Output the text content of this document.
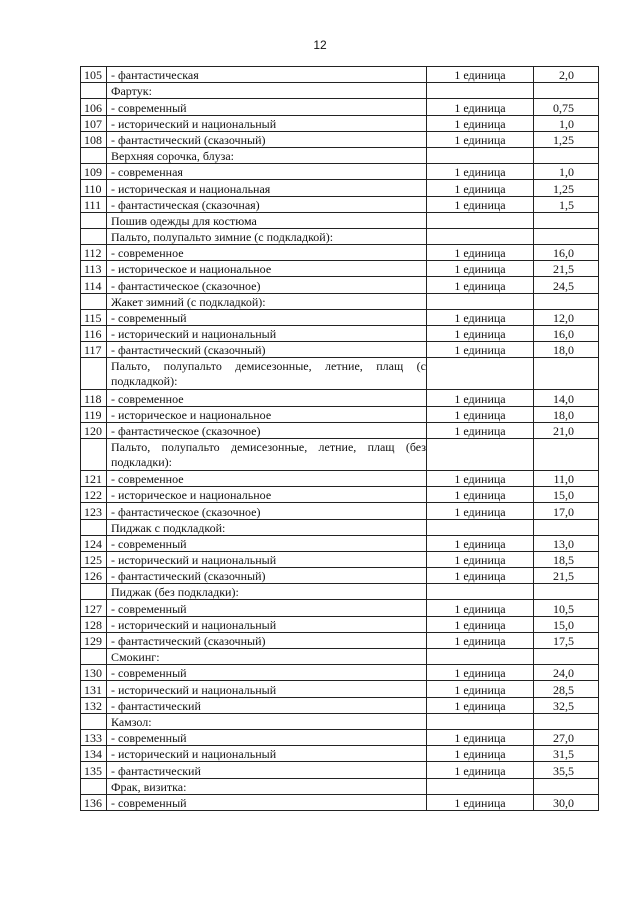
12
105	- фантастическая	1 единица	2,0
	Фартук:		
106	- современный	1 единица	0,75
107	- исторический и национальный	1 единица	1,0
108	- фантастический (сказочный)	1 единица	1,25
	Верхняя сорочка, блуза:		
109	- современная	1 единица	1,0
110	- историческая и национальная	1 единица	1,25
111	- фантастическая (сказочная)	1 единица	1,5
	Пошив одежды для костюма		
	Пальто, полупальто зимние (с подкладкой):		
112	- современное	1 единица	16,0
113	- историческое и национальное	1 единица	21,5
114	- фантастическое (сказочное)	1 единица	24,5
	Жакет зимний (с подкладкой):		
115	- современный	1 единица	12,0
116	- исторический и национальный	1 единица	16,0
117	- фантастический (сказочный)	1 единица	18,0
	Пальто, полупальто демисезонные, летние, плащ (с подкладкой):		
118	- современное	1 единица	14,0
119	- историческое и национальное	1 единица	18,0
120	- фантастическое (сказочное)	1 единица	21,0
	Пальто, полупальто демисезонные, летние, плащ (без подкладки):		
121	- современное	1 единица	11,0
122	- историческое и национальное	1 единица	15,0
123	- фантастическое (сказочное)	1 единица	17,0
	Пиджак с подкладкой:		
124	- современный	1 единица	13,0
125	- исторический и национальный	1 единица	18,5
126	- фантастический (сказочный)	1 единица	21,5
	Пиджак (без подкладки):		
127	- современный	1 единица	10,5
128	- исторический и национальный	1 единица	15,0
129	- фантастический (сказочный)	1 единица	17,5
	Смокинг:		
130	- современный	1 единица	24,0
131	- исторический и национальный	1 единица	28,5
132	- фантастический	1 единица	32,5
	Камзол:		
133	- современный	1 единица	27,0
134	- исторический и национальный	1 единица	31,5
135	- фантастический	1 единица	35,5
	Фрак, визитка:		
136	- современный	1 единица	30,0
